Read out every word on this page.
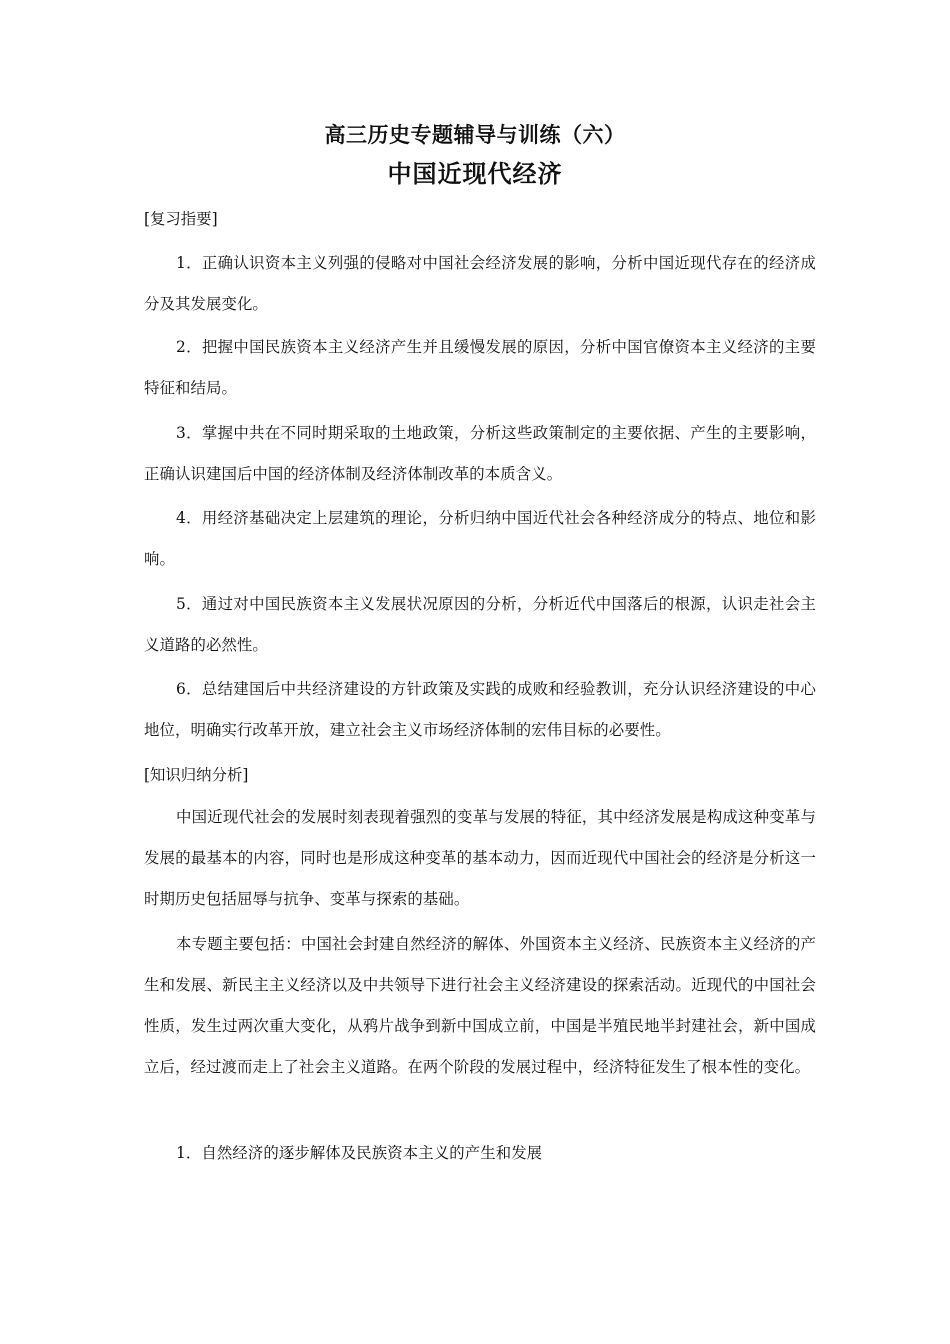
高三历史专题辅导与训练（六）
中国近现代经济
[复习指要]
1．正确认识资本主义列强的侵略对中国社会经济发展的影响，分析中国近现代存在的经济成分及其发展变化。
2．把握中国民族资本主义经济产生并且缓慢发展的原因，分析中国官僚资本主义经济的主要特征和结局。
3．掌握中共在不同时期采取的土地政策，分析这些政策制定的主要依据、产生的主要影响，正确认识建国后中国的经济体制及经济体制改革的本质含义。
4．用经济基础决定上层建筑的理论，分析归纳中国近代社会各种经济成分的特点、地位和影响。
5．通过对中国民族资本主义发展状况原因的分析，分析近代中国落后的根源，认识走社会主义道路的必然性。
6．总结建国后中共经济建设的方针政策及实践的成败和经验教训，充分认识经济建设的中心地位，明确实行改革开放，建立社会主义市场经济体制的宏伟目标的必要性。
[知识归纳分析]
中国近现代社会的发展时刻表现着强烈的变革与发展的特征，其中经济发展是构成这种变革与发展的最基本的内容，同时也是形成这种变革的基本动力，因而近现代中国社会的经济是分析这一时期历史包括屈辱与抗争、变革与探索的基础。
本专题主要包括：中国社会封建自然经济的解体、外国资本主义经济、民族资本主义经济的产生和发展、新民主主义经济以及中共领导下进行社会主义经济建设的探索活动。近现代的中国社会性质，发生过两次重大变化，从鸦片战争到新中国成立前，中国是半殖民地半封建社会，新中国成立后，经过渡而走上了社会主义道路。在两个阶段的发展过程中，经济特征发生了根本性的变化。
1．自然经济的逐步解体及民族资本主义的产生和发展
